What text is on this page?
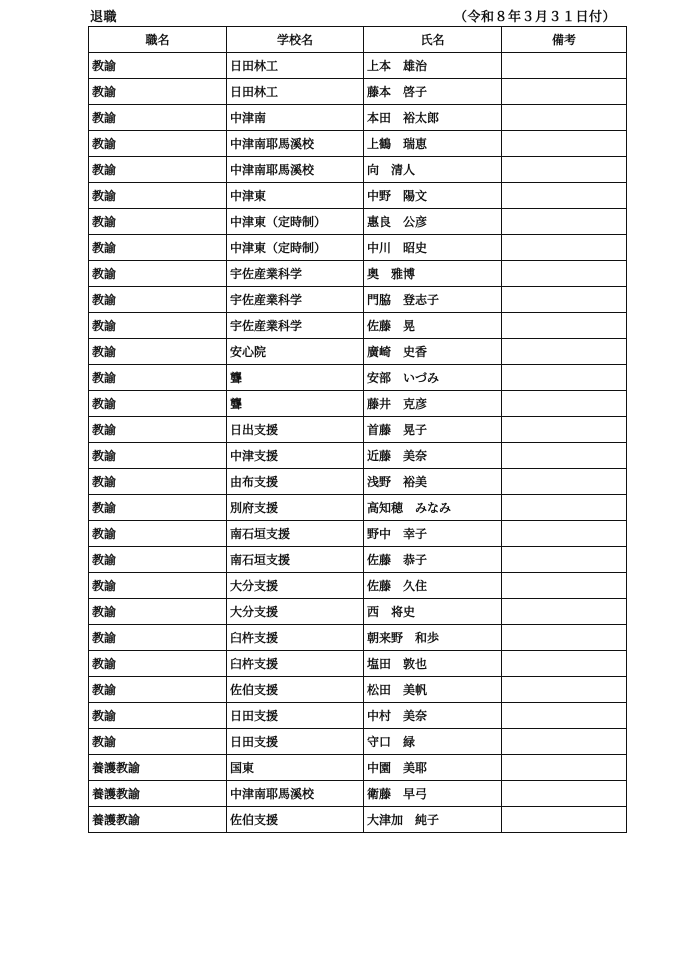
退職	（令和８年３月３１日付）
職名	学校名	氏名	備考
教諭	日田林工	上本　雄治	
教諭	日田林工	藤本　啓子	
教諭	中津南	本田　裕太郎	
教諭	中津南耶馬溪校	上鶴　瑞恵	
教諭	中津南耶馬溪校	向　清人	
教諭	中津東	中野　陽文	
教諭	中津東（定時制）	惠良　公彦	
教諭	中津東（定時制）	中川　昭史	
教諭	宇佐産業科学	奥　雅博	
教諭	宇佐産業科学	門脇　登志子	
教諭	宇佐産業科学	佐藤　晃	
教諭	安心院	廣崎　史香	
教諭	聾	安部　いづみ	
教諭	聾	藤井　克彦	
教諭	日出支援	首藤　晃子	
教諭	中津支援	近藤　美奈	
教諭	由布支援	浅野　裕美	
教諭	別府支援	高知穂　みなみ	
教諭	南石垣支援	野中　幸子	
教諭	南石垣支援	佐藤　恭子	
教諭	大分支援	佐藤　久住	
教諭	大分支援	西　将史	
教諭	臼杵支援	朝来野　和歩	
教諭	臼杵支援	塩田　敦也	
教諭	佐伯支援	松田　美帆	
教諭	日田支援	中村　美奈	
教諭	日田支援	守口　緑	
養護教諭	国東	中園　美耶	
養護教諭	中津南耶馬溪校	衛藤　早弓	
養護教諭	佐伯支援	大津加　純子	
